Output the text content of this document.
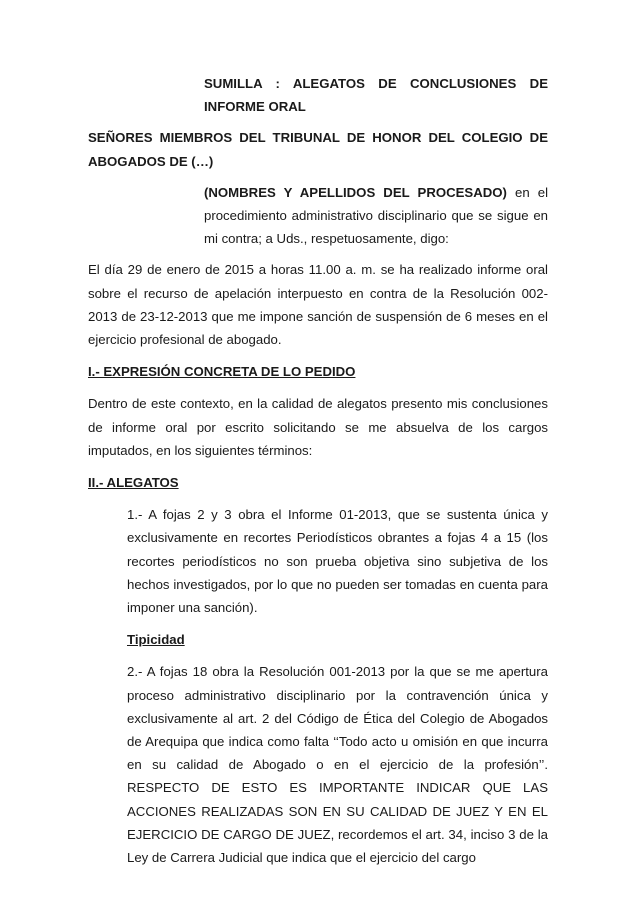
SUMILLA : ALEGATOS DE CONCLUSIONES DE INFORME ORAL

SEÑORES MIEMBROS DEL TRIBUNAL DE HONOR DEL COLEGIO DE ABOGADOS DE (…)

(NOMBRES Y APELLIDOS DEL PROCESADO) en el procedimiento administrativo disciplinario que se sigue en mi contra; a Uds., respetuosamente, digo:

El día 29 de enero de 2015 a horas 11.00 a. m. se ha realizado informe oral sobre el recurso de apelación interpuesto en contra de la Resolución 002-2013 de 23-12-2013 que me impone sanción de suspensión de 6 meses en el ejercicio profesional de abogado.

I.- EXPRESIÓN CONCRETA DE LO PEDIDO

Dentro de este contexto, en la calidad de alegatos presento mis conclusiones de informe oral por escrito solicitando se me absuelva de los cargos imputados, en los siguientes términos:

II.- ALEGATOS

1.- A fojas 2 y 3 obra el Informe 01-2013, que se sustenta única y exclusivamente en recortes Periodísticos obrantes a fojas 4 a 15 (los recortes periodísticos no son prueba objetiva sino subjetiva de los hechos investigados, por lo que no pueden ser tomadas en cuenta para imponer una sanción).

Tipicidad

2.- A fojas 18 obra la Resolución 001-2013 por la que se me apertura proceso administrativo disciplinario por la contravención única y exclusivamente al art. 2 del Código de Ética del Colegio de Abogados de Arequipa que indica como falta ‘‘Todo acto u omisión en que incurra en su calidad de Abogado o en el ejercicio de la profesión’’. RESPECTO DE ESTO ES IMPORTANTE INDICAR QUE LAS ACCIONES REALIZADAS SON EN SU CALIDAD DE JUEZ Y EN EL EJERCICIO DE CARGO DE JUEZ, recordemos el art. 34, inciso 3 de la Ley de Carrera Judicial que indica que el ejercicio del cargo
